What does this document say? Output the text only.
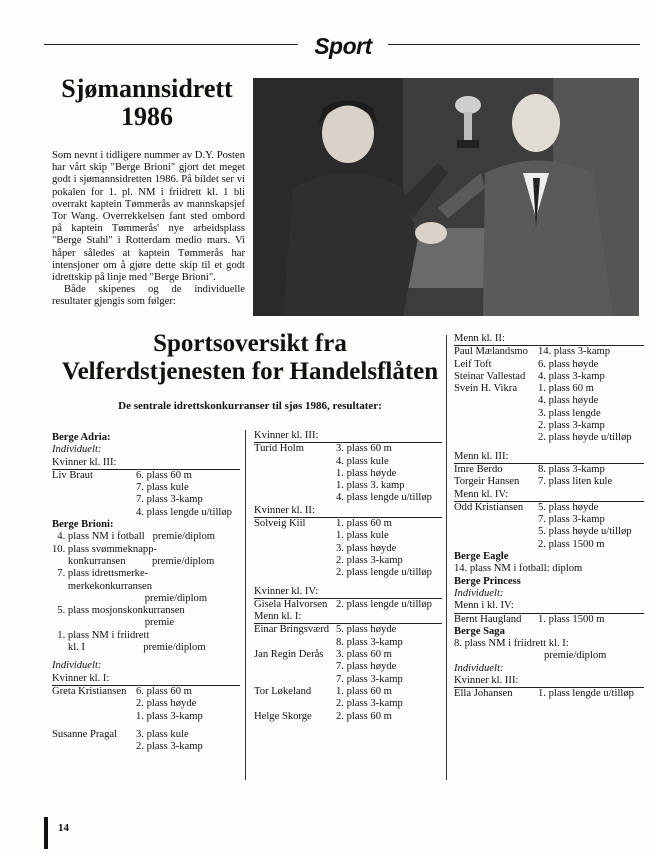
Sport
Sjømannsidrett
1986

Som nevnt i tidligere nummer av D.Y. Posten har vårt skip "Berge Brioni" gjort det meget godt i sjømannsidretten 1986. På bildet ser vi pokalen for 1. pl. NM i friidrett kl. 1 bli overrakt kaptein Tømmerås av mannskapsjef Tor Wang. Overrekkelsen fant sted ombord på kaptein Tømmerås' nye arbeidsplass "Berge Stahl" i Rotterdam medio mars. Vi håper således at kaptein Tømmerås har intensjoner om å gjøre dette skip til et godt idrettskip på linje med "Berge Brioni".

Både skipenes og de individuelle resultater gjengis som følger:

Sportsoversikt fra
Velferdstjenesten for Handelsflåten
De sentrale idrettskonkurranser til sjøs 1986, resultater:
Berge Adria:
Individuelt:
Kvinner kl. III:
Liv Braut	6. plass 60 m
7. plass kule
7. plass 3-kamp
4. plass lengde u/tilløp
Berge Brioni:
4. plass NM i fotball   premie/diplom
10. plass svømmeknapp-
konkurransen          premie/diplom
7. plass idrettsmerke-
merkekonkurransen
premie/diplom
5. plass mosjonskonkurransen
premie
1. plass NM i friidrett
kl. I                      premie/diplom
Individuelt:
Kvinner kl. I:
Greta Kristiansen 6. plass 60 m
2. plass høyde
1. plass 3-kamp
Susanne Pragal 3. plass kule
2. plass 3-kamp
Kvinner kl. III:
Turid Holm	3. plass 60 m
4. plass kule
1. plass høyde
1. plass 3. kamp
4. plass lengde u/tilløp
Kvinner kl. II:
Solveig Kiil	1. plass 60 m
1. plass kule
3. plass høyde
2. plass 3-kamp
2. plass lengde u/tilløp
Kvinner kl. IV:
Gisela Halvorsen 2. plass lengde u/tilløp
Menn kl. I:
Einar Bringsværd 5. plass høyde
8. plass 3-kamp
Jan Regin Derås 3. plass 60 m
7. plass høyde
7. plass 3-kamp
Tor Løkeland 1. plass 60 m
2. plass 3-kamp
Helge Skorge 2. plass 60 m
Menn kl. II:
Paul Mælandsmo 14. plass 3-kamp
Leif Toft	6. plass høyde
Steinar Vallestad 4. plass 3-kamp
Svein H. Vikra 1. plass 60 m
4. plass høyde
3. plass lengde
2. plass 3-kamp
2. plass høyde u/tilløp
Menn kl. III:
Imre Berdo	8. plass 3-kamp
Torgeir Hansen 7. plass liten kule
Menn kl. IV:
Odd Kristiansen 5. plass høyde
7. plass 3-kamp
5. plass høyde u/tilløp
2. plass 1500 m
Berge Eagle
14. plass NM i fotball: diplom
Berge Princess
Individuelt:
Menn i kl. IV:
Bernt Haugland 1. plass 1500 m
Berge Saga
8. plass NM i friidrett kl. I:
premie/diplom
Individuelt:
Kvinner kl. III:
Ella Johansen 1. plass lengde u/tilløp
14
